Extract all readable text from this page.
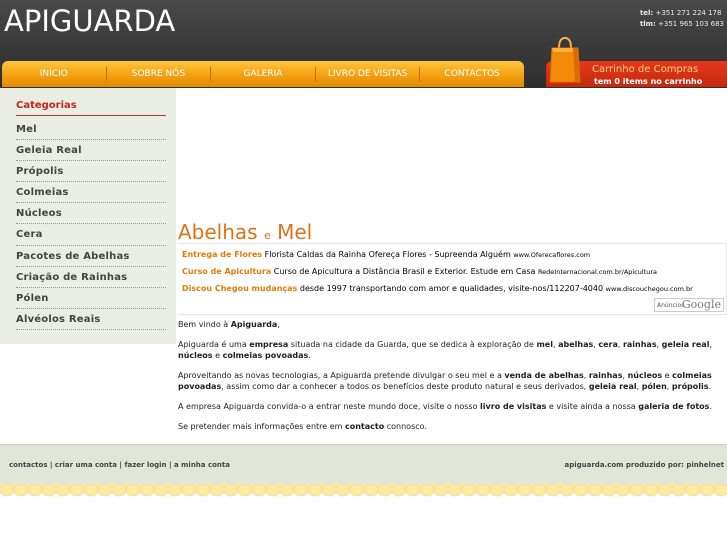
APIGUARDA	tel: +351 271 224 178
tlm: +351 965 103 683
INÍCIO	SOBRE NÓS	GALERIA	LIVRO DE VISITAS	CONTACTOS	Carrinho de Compras
tem 0 items no carrinho
Categorias
Mel
Geleia Real
Própolis
Colmeias
Núcleos
Cera
Pacotes de Abelhas
Criação de Rainhas
Pólen
Alvéolos Reais
Abelhas e Mel
Entrega de Flores Florista Caldas da Rainha Ofereça Flores - Supreenda Alguém www.Oferecaflores.com
Curso de Apicultura Curso de Apicultura a Distância Brasil e Exterior. Estude em Casa RedeInternacional.com.br/Apicultura
Discou Chegou mudanças desde 1997 transportando com amor e qualidades, visite-nos/112207-4040 www.discouchegou.com.br
Anúncios
Google

Bem vindo à Apiguarda,

Apiguarda é uma empresa situada na cidade da Guarda, que se dedica à exploração de mel, abelhas, cera, rainhas, geleia real, núcleos e colmeias povoadas.

Aproveitando as novas tecnologias, a Apiguarda pretende divulgar o seu mel e a venda de abelhas, rainhas, núcleos e colmeias povoadas, assim como dar a conhecer a todos os benefícios deste produto natural e seus derivados, geleia real, pólen, própolis.

A empresa Apiguarda convida-o a entrar neste mundo doce, visite o nosso livro de visitas e visite ainda a nossa galeria de fotos.

Se pretender mais informações entre em contacto connosco.

contactos | criar uma conta | fazer login | a minha conta	apiguarda.com produzido por: pinhelnet
